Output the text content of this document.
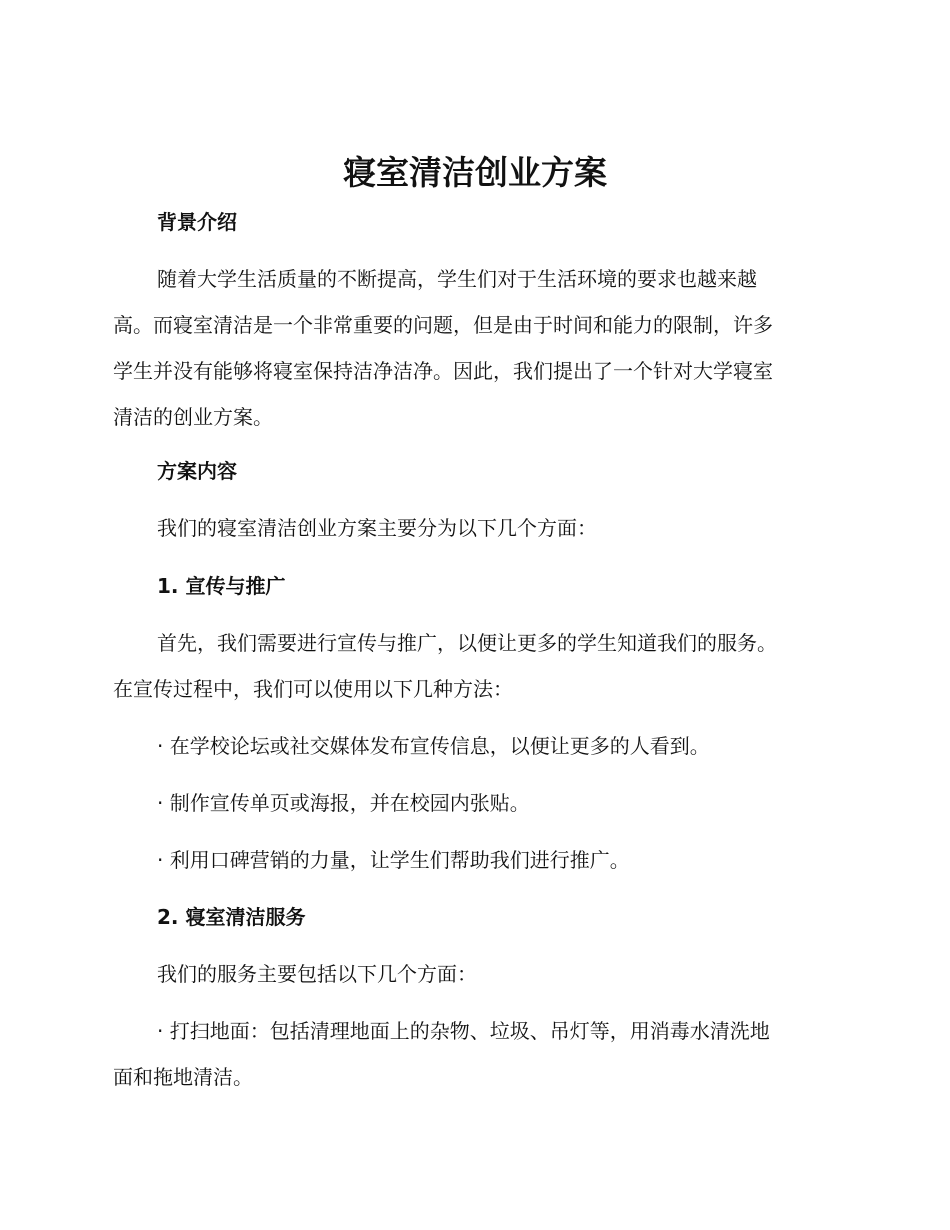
寝室清洁创业方案
背景介绍
随着大学生活质量的不断提高，学生们对于生活环境的要求也越来越
高。而寝室清洁是一个非常重要的问题，但是由于时间和能力的限制，许多
学生并没有能够将寝室保持洁净洁净。因此，我们提出了一个针对大学寝室
清洁的创业方案。
方案内容

我们的寝室清洁创业方案主要分为以下几个方面：

1. 宣传与推广
首先，我们需要进行宣传与推广，以便让更多的学生知道我们的服务。
在宣传过程中，我们可以使用以下几种方法：

· 在学校论坛或社交媒体发布宣传信息，以便让更多的人看到。

· 制作宣传单页或海报，并在校园内张贴。

· 利用口碑营销的力量，让学生们帮助我们进行推广。

2. 寝室清洁服务

我们的服务主要包括以下几个方面：

· 打扫地面：包括清理地面上的杂物、垃圾、吊灯等，用消毒水清洗地
面和拖地清洁。
